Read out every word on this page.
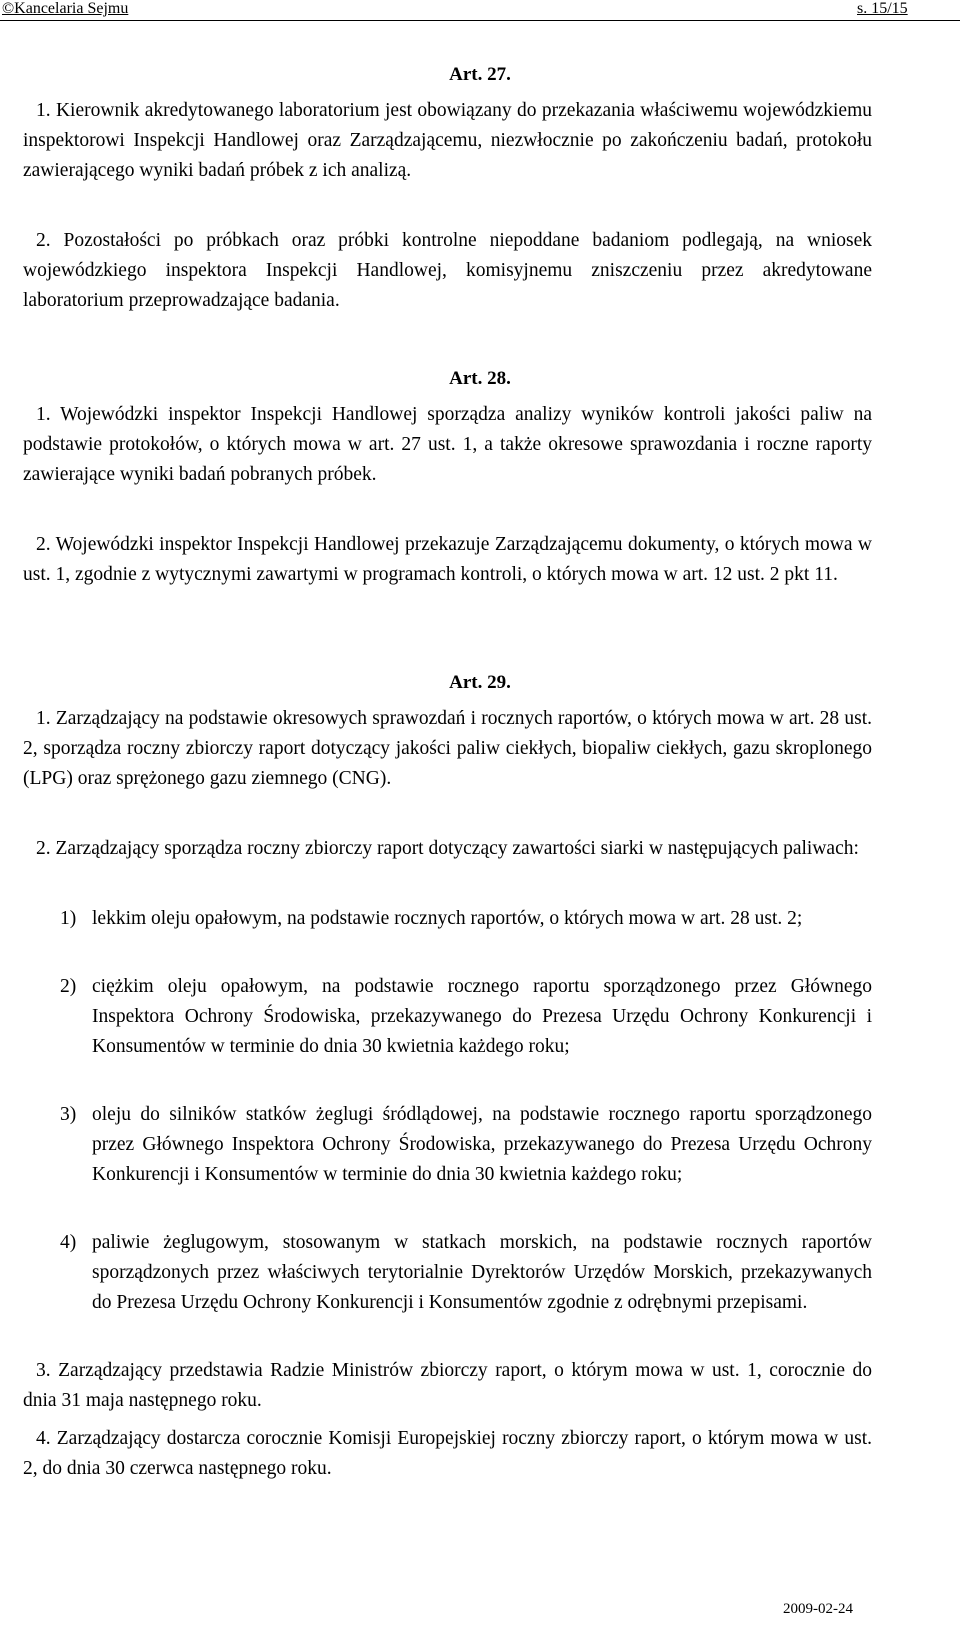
©Kancelaria Sejmu	s. 15/15
Art. 27.

1. Kierownik akredytowanego laboratorium jest obowiązany do przekazania właściwemu wojewódzkiemu inspektorowi Inspekcji Handlowej oraz Zarządzającemu, niezwłocznie po zakończeniu badań, protokołu zawierającego wyniki badań próbek z ich analizą.

2. Pozostałości po próbkach oraz próbki kontrolne niepoddane badaniom podlegają, na wniosek wojewódzkiego inspektora Inspekcji Handlowej, komisyjnemu zniszczeniu przez akredytowane laboratorium przeprowadzające badania.

Art. 28.

1. Wojewódzki inspektor Inspekcji Handlowej sporządza analizy wyników kontroli jakości paliw na podstawie protokołów, o których mowa w art. 27 ust. 1, a także okresowe sprawozdania i roczne raporty zawierające wyniki badań pobranych próbek.

2. Wojewódzki inspektor Inspekcji Handlowej przekazuje Zarządzającemu dokumenty, o których mowa w ust. 1, zgodnie z wytycznymi zawartymi w programach kontroli, o których mowa w art. 12 ust. 2 pkt 11.

Art. 29.

1. Zarządzający na podstawie okresowych sprawozdań i rocznych raportów, o których mowa w art. 28 ust. 2, sporządza roczny zbiorczy raport dotyczący jakości paliw ciekłych, biopaliw ciekłych, gazu skroplonego (LPG) oraz sprężonego gazu ziemnego (CNG).

2. Zarządzający sporządza roczny zbiorczy raport dotyczący zawartości siarki w następujących paliwach:

1) lekkim oleju opałowym, na podstawie rocznych raportów, o których mowa w art. 28 ust. 2;
2) ciężkim oleju opałowym, na podstawie rocznego raportu sporządzonego przez Głównego Inspektora Ochrony Środowiska, przekazywanego do Prezesa Urzędu Ochrony Konkurencji i Konsumentów w terminie do dnia 30 kwietnia każdego roku;
3) oleju do silników statków żeglugi śródlądowej, na podstawie rocznego raportu sporządzonego przez Głównego Inspektora Ochrony Środowiska, przekazywanego do Prezesa Urzędu Ochrony Konkurencji i Konsumentów w terminie do dnia 30 kwietnia każdego roku;
4) paliwie żeglugowym, stosowanym w statkach morskich, na podstawie rocznych raportów sporządzonych przez właściwych terytorialnie Dyrektorów Urzędów Morskich, przekazywanych do Prezesa Urzędu Ochrony Konkurencji i Konsumentów zgodnie z odrębnymi przepisami.

3. Zarządzający przedstawia Radzie Ministrów zbiorczy raport, o którym mowa w ust. 1, corocznie do dnia 31 maja następnego roku.

4. Zarządzający dostarcza corocznie Komisji Europejskiej roczny zbiorczy raport, o którym mowa w ust. 2, do dnia 30 czerwca następnego roku.

2009-02-24
